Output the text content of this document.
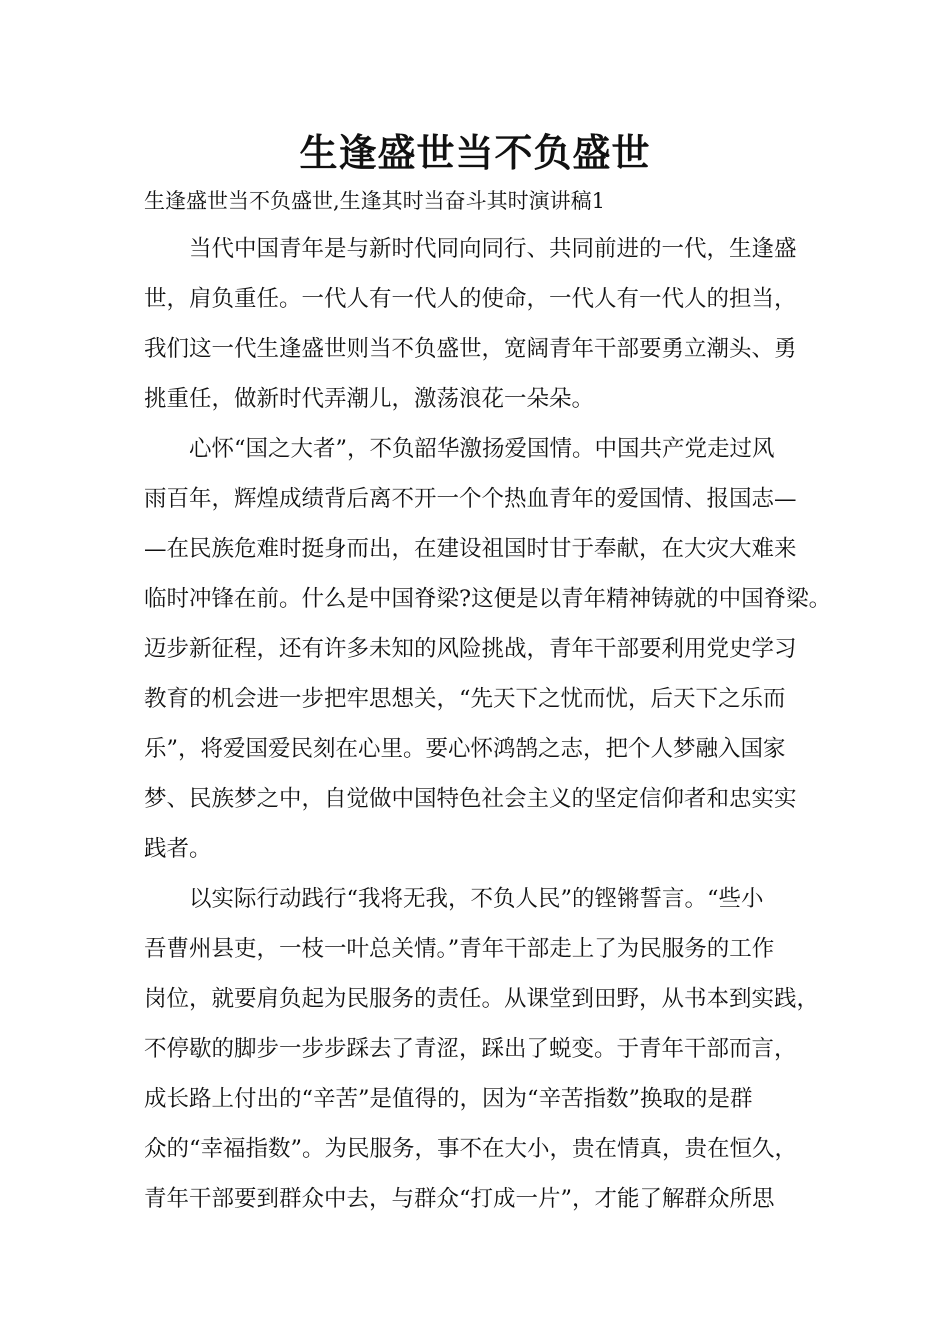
生逢盛世当不负盛世

生逢盛世当不负盛世,生逢其时当奋斗其时演讲稿1

当代中国青年是与新时代同向同行、共同前进的一代，生逢盛

世，肩负重任。一代人有一代人的使命，一代人有一代人的担当，

我们这一代生逢盛世则当不负盛世，宽阔青年干部要勇立潮头、勇

挑重任，做新时代弄潮儿，激荡浪花一朵朵。

心怀“国之大者”，不负韶华激扬爱国情。中国共产党走过风

雨百年，辉煌成绩背后离不开一个个热血青年的爱国情、报国志—

—在民族危难时挺身而出，在建设祖国时甘于奉献，在大灾大难来

临时冲锋在前。什么是中国脊梁?这便是以青年精神铸就的中国脊梁。

迈步新征程，还有许多未知的风险挑战，青年干部要利用党史学习

教育的机会进一步把牢思想关，“先天下之忧而忧，后天下之乐而

乐”，将爱国爱民刻在心里。要心怀鸿鹄之志，把个人梦融入国家

梦、民族梦之中，自觉做中国特色社会主义的坚定信仰者和忠实实

践者。

以实际行动践行“我将无我，不负人民”的铿锵誓言。“些小

吾曹州县吏，一枝一叶总关情。”青年干部走上了为民服务的工作

岗位，就要肩负起为民服务的责任。从课堂到田野，从书本到实践，

不停歇的脚步一步步踩去了青涩，踩出了蜕变。于青年干部而言，

成长路上付出的“辛苦”是值得的，因为“辛苦指数”换取的是群

众的“幸福指数”。为民服务，事不在大小，贵在情真，贵在恒久，

青年干部要到群众中去，与群众“打成一片”，才能了解群众所思
